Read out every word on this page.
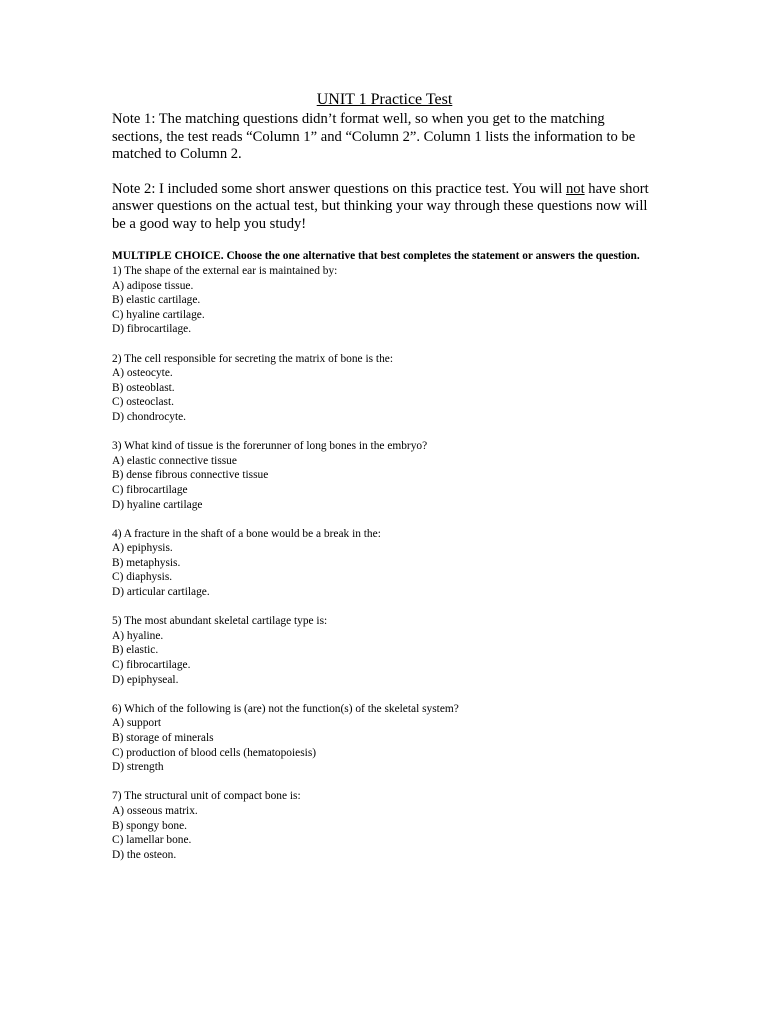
UNIT 1 Practice Test

Note 1: The matching questions didn’t format well, so when you get to the matching sections, the test reads “Column 1” and “Column 2”. Column 1 lists the information to be matched to Column 2.

Note 2: I included some short answer questions on this practice test. You will not have short answer questions on the actual test, but thinking your way through these questions now will be a good way to help you study!

MULTIPLE CHOICE. Choose the one alternative that best completes the statement or answers the question.
1) The shape of the external ear is maintained by:
A) adipose tissue.
B) elastic cartilage.
C) hyaline cartilage.
D) fibrocartilage.
2) The cell responsible for secreting the matrix of bone is the:
A) osteocyte.
B) osteoblast.
C) osteoclast.
D) chondrocyte.
3) What kind of tissue is the forerunner of long bones in the embryo?
A) elastic connective tissue
B) dense fibrous connective tissue
C) fibrocartilage
D) hyaline cartilage
4) A fracture in the shaft of a bone would be a break in the:
A) epiphysis.
B) metaphysis.
C) diaphysis.
D) articular cartilage.
5) The most abundant skeletal cartilage type is:
A) hyaline.
B) elastic.
C) fibrocartilage.
D) epiphyseal.
6) Which of the following is (are) not the function(s) of the skeletal system?
A) support
B) storage of minerals
C) production of blood cells (hematopoiesis)
D) strength
7) The structural unit of compact bone is:
A) osseous matrix.
B) spongy bone.
C) lamellar bone.
D) the osteon.
